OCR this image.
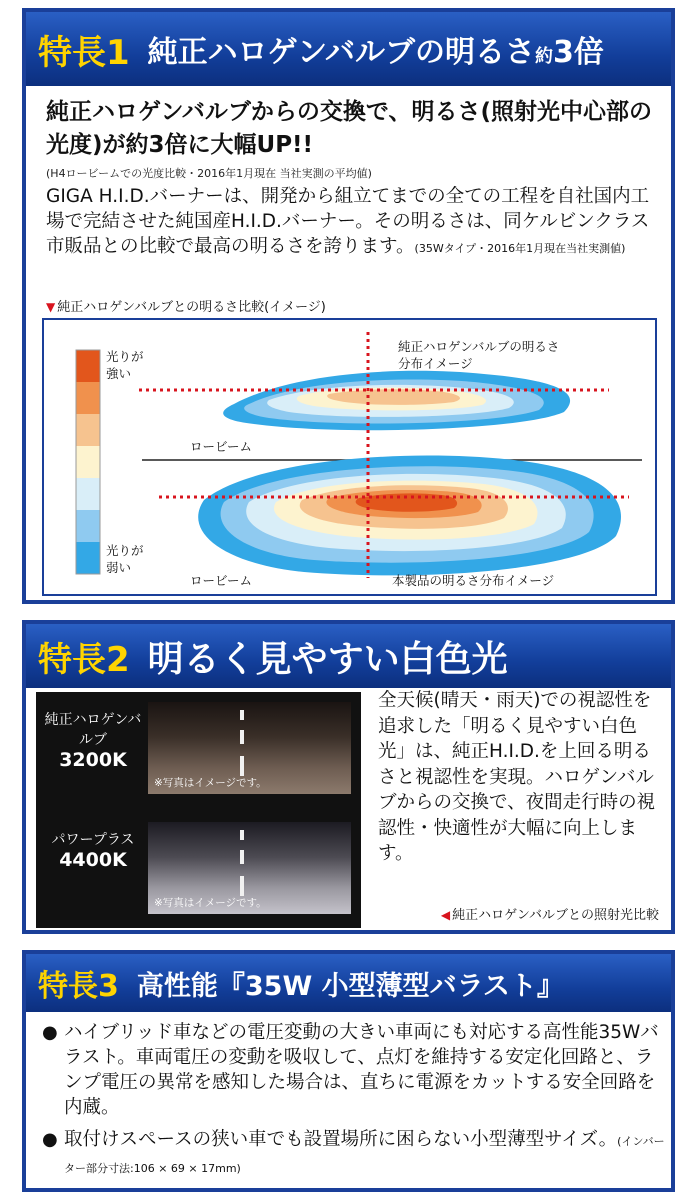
特長1 純正ハロゲンバルブの明るさ約3倍
純正ハロゲンバルブからの交換で、明るさ(照射光中心部の光度)が約3倍に大幅UP!!
(H4ロービームでの光度比較・2016年1月現在 当社実測の平均値)
GIGA H.I.D.バーナーは、開発から組立てまでの全ての工程を自社国内工場で完結させた純国産H.I.D.バーナー。その明るさは、同ケルビンクラス市販品との比較で最高の明るさを誇ります。(35Wタイプ・2016年1月現在当社実測値)
▼ 純正ハロゲンバルブとの明るさ比較(イメージ)
光りが強い
光りが弱い
純正ハロゲンバルブの明るさ分布イメージ
本製品の明るさ分布イメージ
ロービーム
ロービーム
特長2 明るく見やすい白色光
純正ハロゲンバルブ
3200K
※写真はイメージです。
パワープラス
4400K
※写真はイメージです。
全天候(晴天・雨天)での視認性を追求した「明るく見やすい白色光」は、純正H.I.D.を上回る明るさと視認性を実現。ハロゲンバルブからの交換で、夜間走行時の視認性・快適性が大幅に向上します。
◀ 純正ハロゲンバルブとの照射光比較
特長3 高性能『35W 小型薄型バラスト』
● ハイブリッド車などの電圧変動の大きい車両にも対応する高性能35Wバラスト。車両電圧の変動を吸収して、点灯を維持する安定化回路と、ランプ電圧の異常を感知した場合は、直ちに電源をカットする安全回路を内蔵。
● 取付けスペースの狭い車でも設置場所に困らない小型薄型サイズ。(インバーター部分寸法:106 × 69 × 17mm)
